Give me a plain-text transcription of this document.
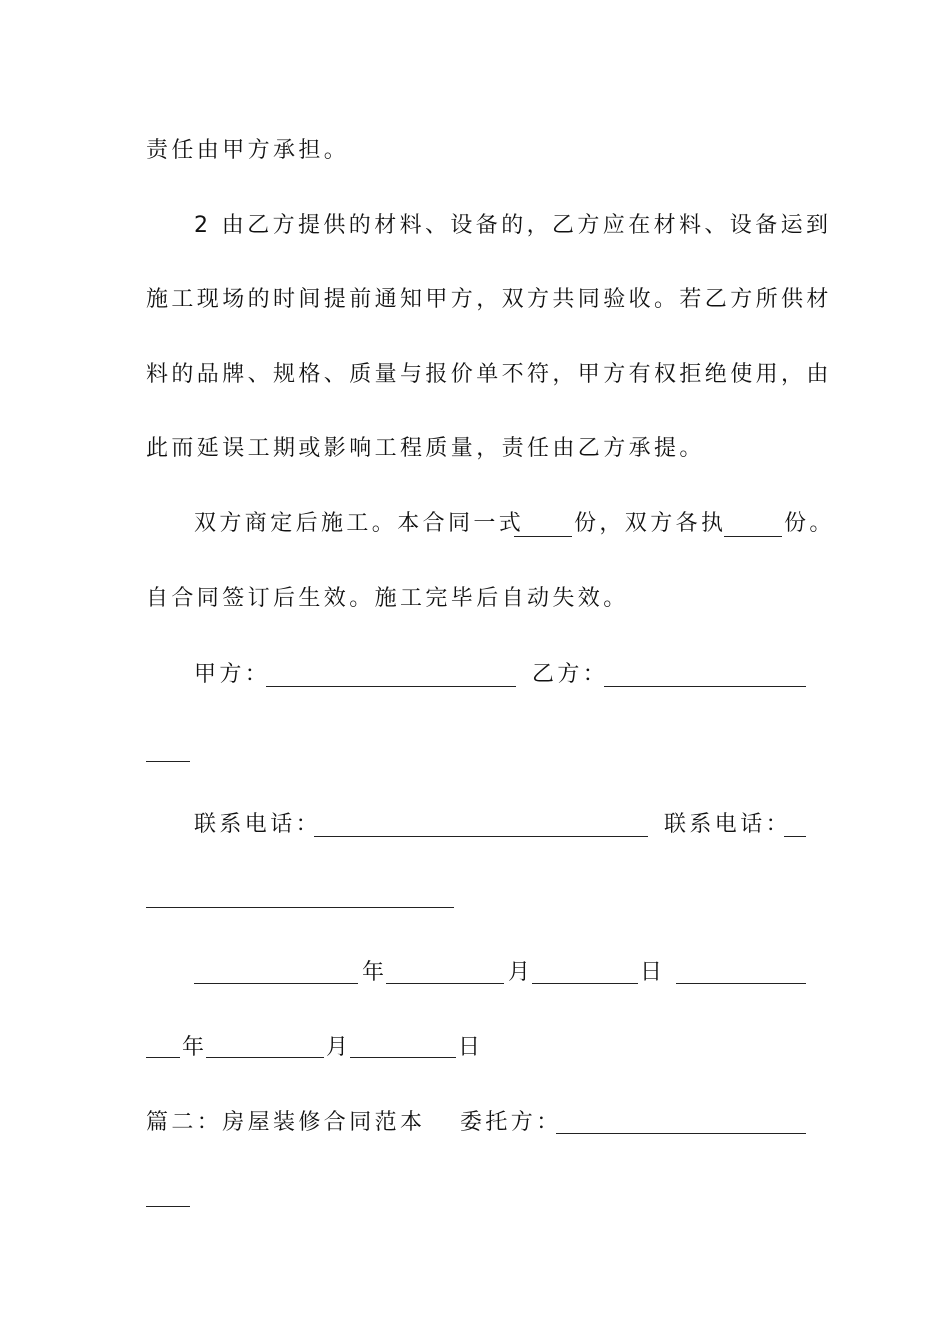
责任由甲方承担。
2 由乙方提供的材料、设备的，乙方应在材料、设备运到
施工现场的时间提前通知甲方，双方共同验收。若乙方所供材
料的品牌、规格、质量与报价单不符，甲方有权拒绝使用，由
此而延误工期或影响工程质量，责任由乙方承提。
双方商定后施工。本合同一式 份，双方各执	份。
自合同签订后生效。施工完毕后自动失效。
甲方：	乙方：
联系电话：	联系电话：
年	月	日
年	月	日
篇二：房屋装修合同范本 委托方：
